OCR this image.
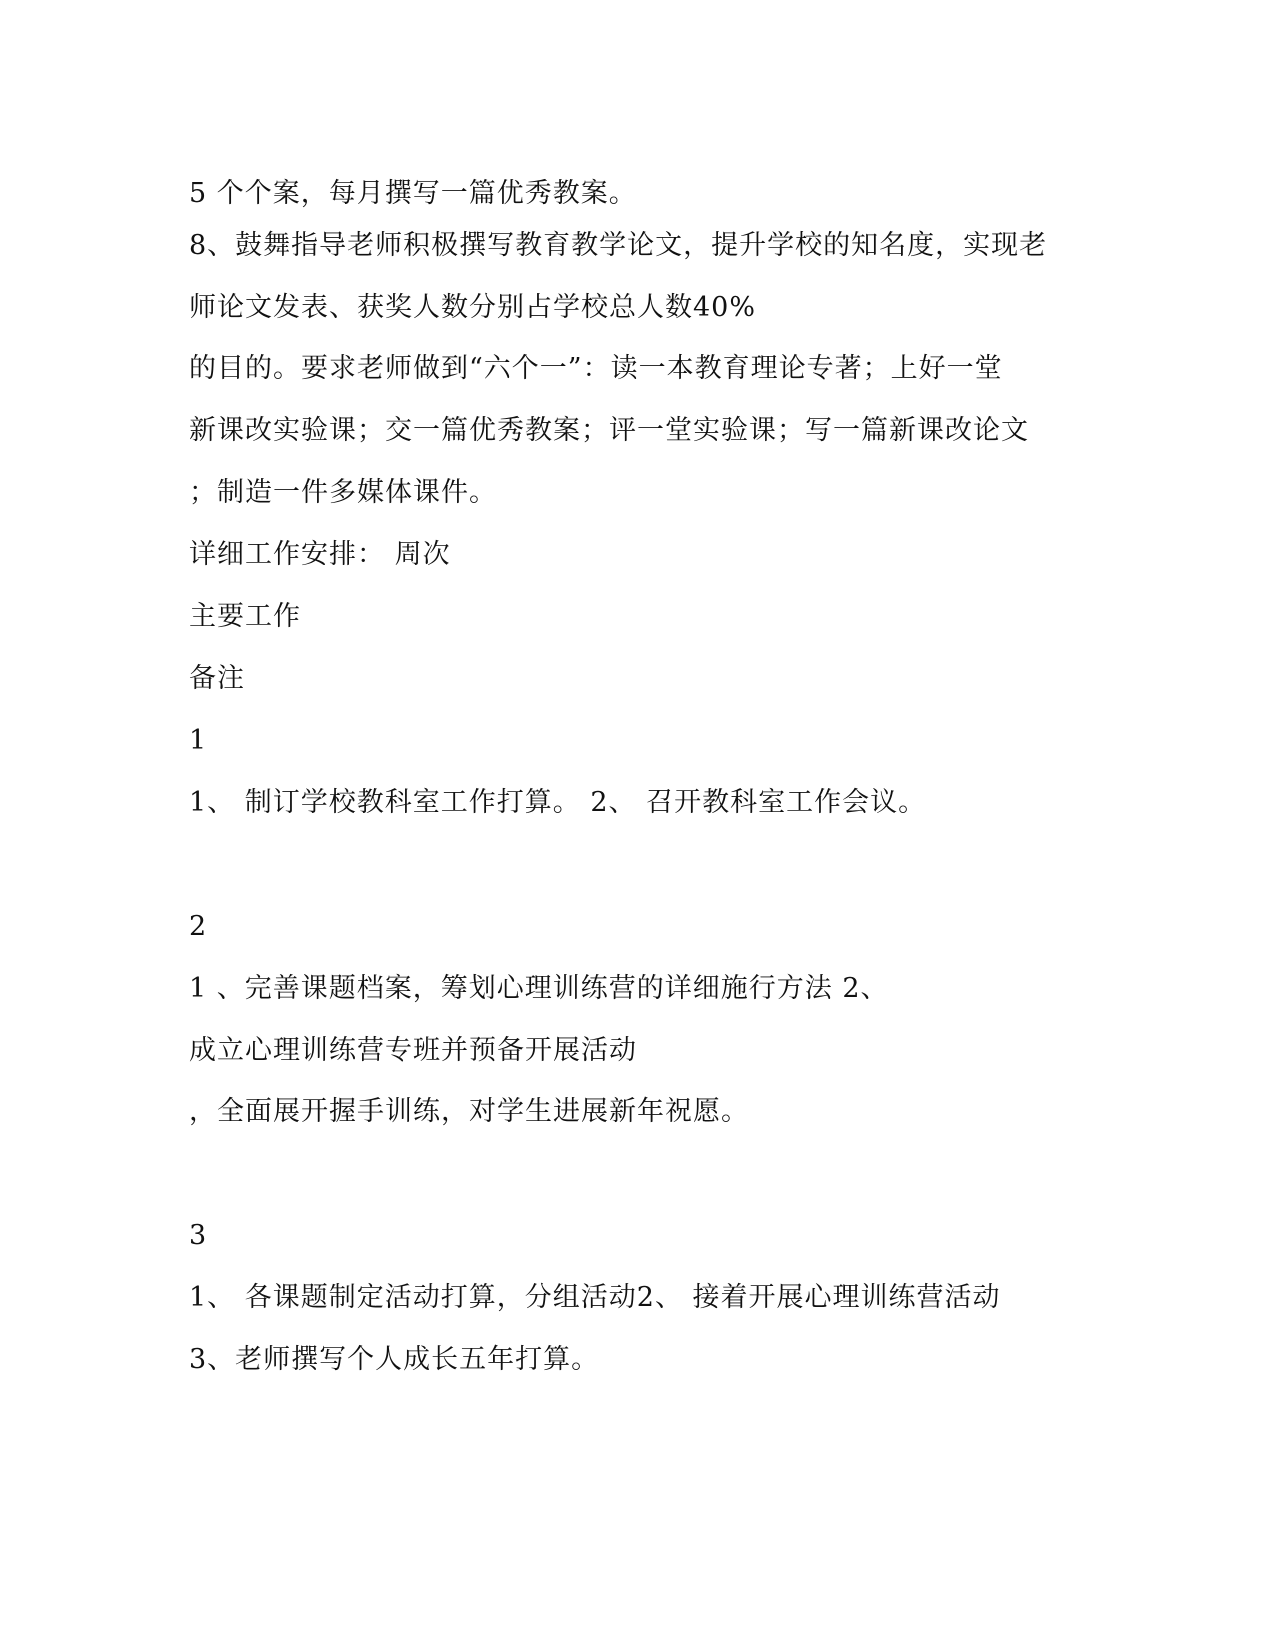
5 个个案，每月撰写一篇优秀教案。
8、鼓舞指导老师积极撰写教育教学论文，提升学校的知名度，实现老
师论文发表、获奖人数分别占学校总人数40%
的目的。要求老师做到“六个一”：读一本教育理论专著；上好一堂
新课改实验课；交一篇优秀教案；评一堂实验课；写一篇新课改论文
；制造一件多媒体课件。
详细工作安排： 周次
主要工作
备注
1
1、 制订学校教科室工作打算。 2、 召开教科室工作会议。
2
1 、完善课题档案，筹划心理训练营的详细施行方法 2、
成立心理训练营专班并预备开展活动
，全面展开握手训练，对学生进展新年祝愿。
3
1、 各课题制定活动打算，分组活动2、 接着开展心理训练营活动
3、老师撰写个人成长五年打算。
